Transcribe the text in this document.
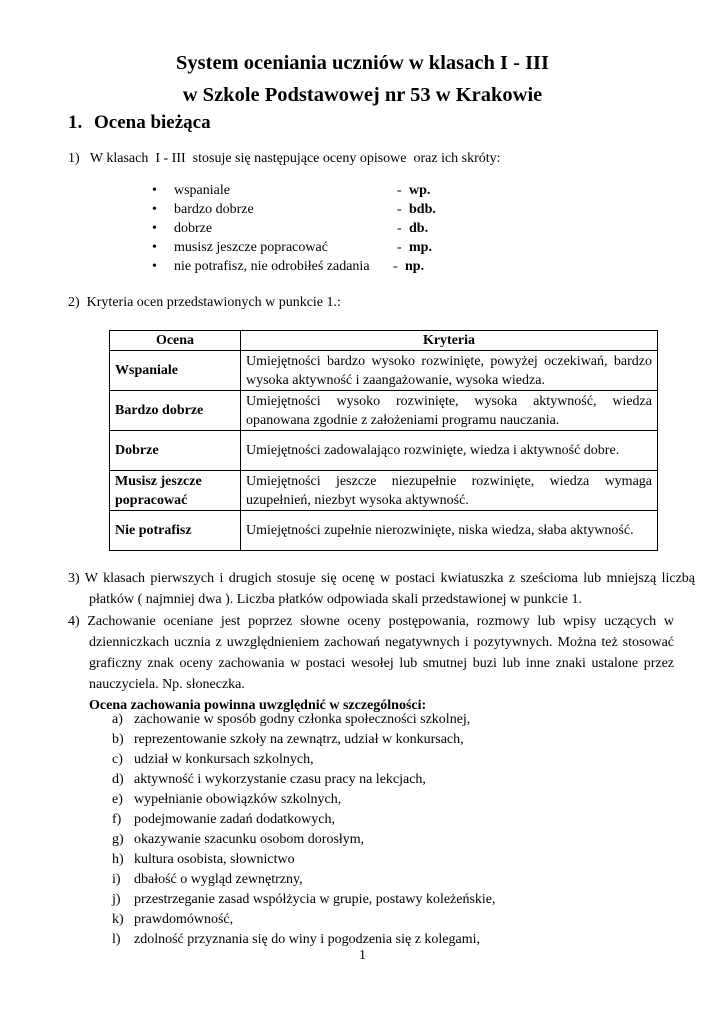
System oceniania uczniów w klasach I - III
w Szkole Podstawowej nr 53 w Krakowie
1. Ocena bieżąca
1)   W klasach  I - III  stosuje się następujące oceny opisowe  oraz ich skróty:
• wspaniale	- wp.
• bardzo dobrze	- bdb.
• dobrze	- db.
• musisz jeszcze popracować	- mp.
• nie potrafisz, nie odrobiłeś zadania - np.
2)  Kryteria ocen przedstawionych w punkcie 1.:
Ocena	Kryteria
Wspaniale	Umiejętności bardzo wysoko rozwinięte, powyżej oczekiwań, bardzo wysoka aktywność i zaangażowanie, wysoka wiedza.
Bardzo dobrze	Umiejętności wysoko rozwinięte, wysoka aktywność, wiedza opanowana zgodnie z założeniami programu nauczania.
Dobrze	Umiejętności zadowalająco rozwinięte, wiedza i aktywność dobre.
Musisz jeszcze popracować	Umiejętności jeszcze niezupełnie rozwinięte, wiedza wymaga uzupełnień, niezbyt wysoka aktywność.
Nie potrafisz	Umiejętności zupełnie nierozwinięte, niska wiedza, słaba aktywność.
3) W klasach pierwszych i drugich stosuje się ocenę w postaci kwiatuszka z sześcioma lub mniejszą liczbą płatków ( najmniej dwa ). Liczba płatków odpowiada skali przedstawionej w punkcie 1.
4) Zachowanie oceniane jest poprzez słowne oceny postępowania, rozmowy lub wpisy uczących w dzienniczkach ucznia z uwzględnieniem zachowań negatywnych i pozytywnych. Można też stosować graficzny znak oceny zachowania w postaci wesołej lub smutnej buzi lub inne znaki ustalone przez nauczyciela. Np. słoneczka.
Ocena zachowania powinna uwzględnić w szczególności:
a) zachowanie w sposób godny członka społeczności szkolnej,
b) reprezentowanie szkoły na zewnątrz, udział w konkursach,
c) udział w konkursach szkolnych,
d) aktywność i wykorzystanie czasu pracy na lekcjach,
e) wypełnianie obowiązków szkolnych,
f) podejmowanie zadań dodatkowych,
g) okazywanie szacunku osobom dorosłym,
h) kultura osobista, słownictwo
i) dbałość o wygląd zewnętrzny,
j) przestrzeganie zasad współżycia w grupie, postawy koleżeńskie,
k) prawdomówność,
l) zdolność przyznania się do winy i pogodzenia się z kolegami,
1
